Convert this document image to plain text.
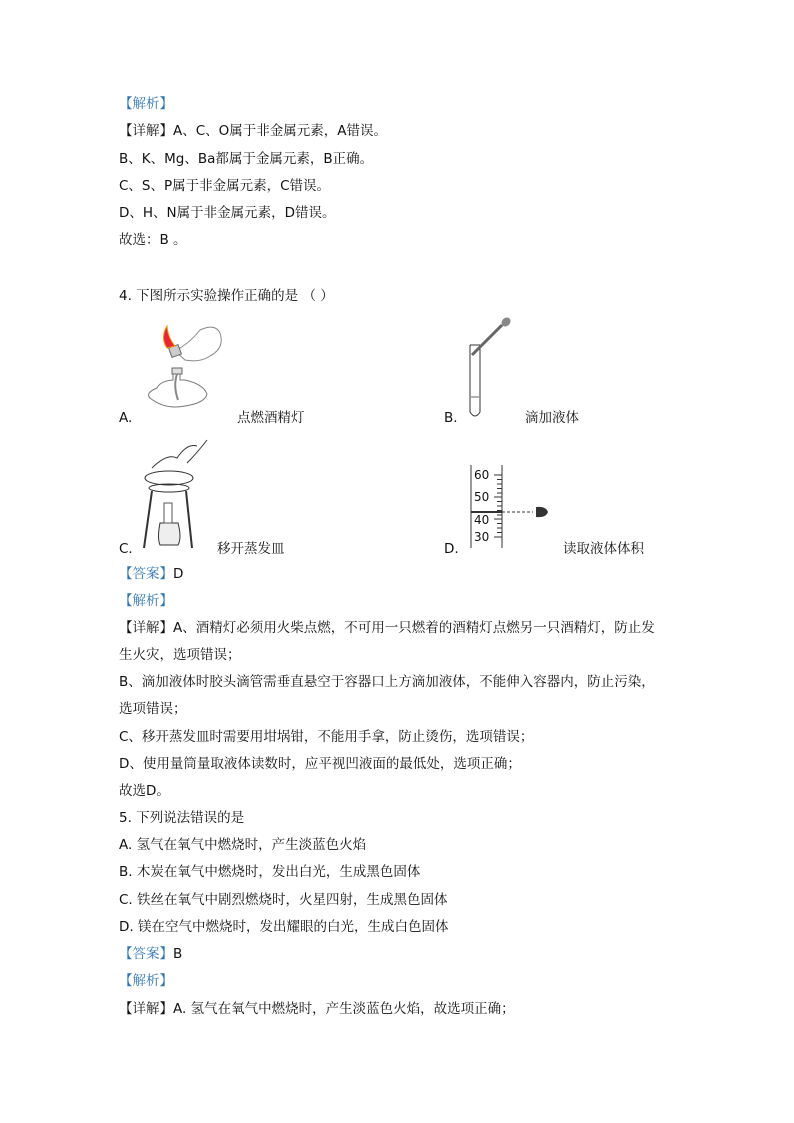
【解析】
【详解】A、C、O属于非金属元素，A错误。
B、K、Mg、Ba都属于金属元素，B正确。
C、S、P属于非金属元素，C错误。
D、H、N属于非金属元素，D错误。
故选：B 。
4. 下图所示实验操作正确的是 （ ）
A.	点燃酒精灯	B.	滴加液体
C.	移开蒸发皿
60
50
40
30
D.	读取液体体积
【答案】D
【解析】
【详解】A、酒精灯必须用火柴点燃，不可用一只燃着的酒精灯点燃另一只酒精灯，防止发
生火灾，选项错误；
B、滴加液体时胶头滴管需垂直悬空于容器口上方滴加液体，不能伸入容器内，防止污染，
选项错误；
C、移开蒸发皿时需要用坩埚钳，不能用手拿，防止烫伤，选项错误；
D、使用量筒量取液体读数时，应平视凹液面的最低处，选项正确；
故选D。
5. 下列说法错误的是
A. 氢气在氧气中燃烧时，产生淡蓝色火焰
B. 木炭在氧气中燃烧时，发出白光，生成黑色固体
C. 铁丝在氧气中剧烈燃烧时，火星四射，生成黑色固体
D. 镁在空气中燃烧时，发出耀眼的白光，生成白色固体
【答案】B
【解析】
【详解】A. 氢气在氧气中燃烧时，产生淡蓝色火焰，故选项正确；
